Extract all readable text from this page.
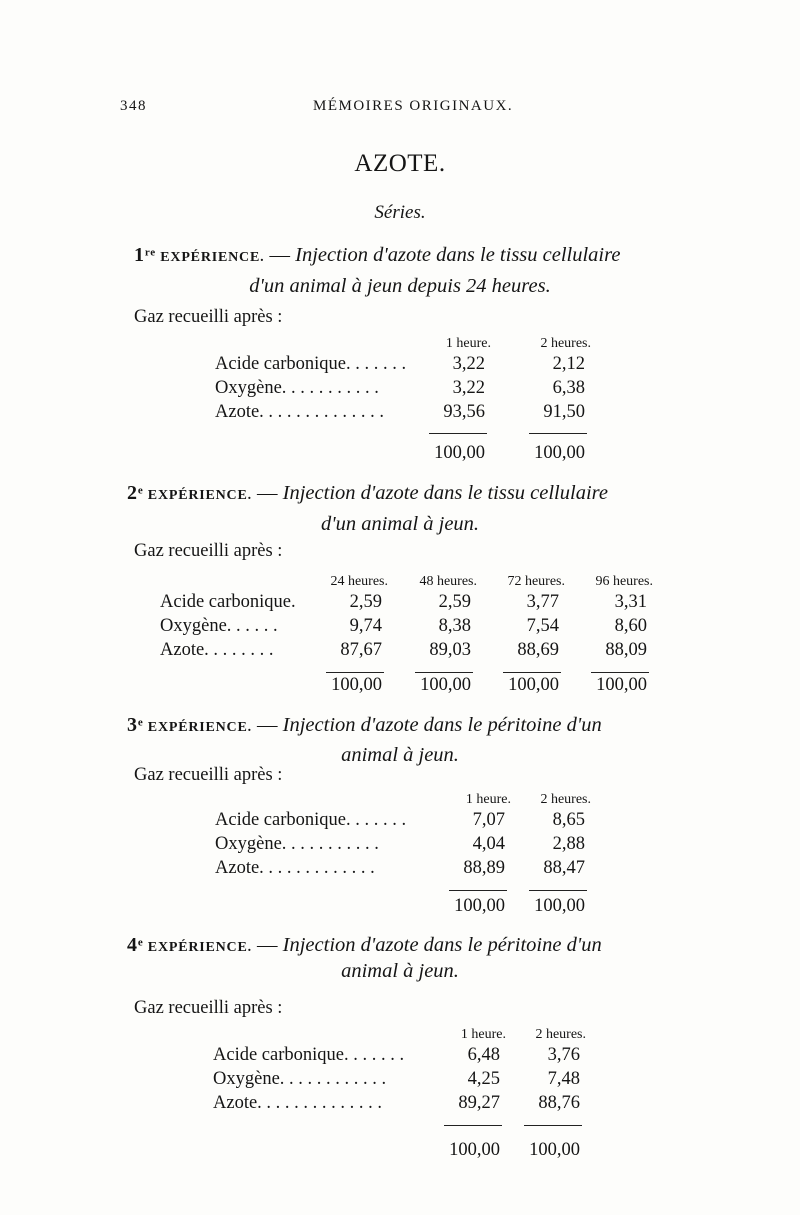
348	MÉMOIRES ORIGINAUX.
AZOTE.
Séries.
1re EXPÉRIENCE. — Injection d'azote dans le tissu cellulaire
d'un animal à jeun depuis 24 heures.
Gaz recueilli après :
1 heure.	2 heures.
Acide carbonique. . . . . . .	3,22	2,12
Oxygène. . . . . . . . . . .	3,22	6,38
Azote. . . . . . . . . . . . . .	93,56	91,50
100,00	100,00
2e EXPÉRIENCE. — Injection d'azote dans le tissu cellulaire
d'un animal à jeun.
Gaz recueilli après :
24 heures.	48 heures.	72 heures.	96 heures.
Acide carbonique.	2,59	2,59	3,77	3,31
Oxygène. . . . . .	9,74	8,38	7,54	8,60
Azote. . . . . . . .	87,67	89,03	88,69	88,09
100,00	100,00	100,00	100,00
3e EXPÉRIENCE. — Injection d'azote dans le péritoine d'un
animal à jeun.
Gaz recueilli après :
1 heure.	2 heures.
Acide carbonique. . . . . . .	7,07	8,65
Oxygène. . . . . . . . . . .	4,04	2,88
Azote. . . . . . . . . . . . .	88,89	88,47
100,00	100,00
4e EXPÉRIENCE. — Injection d'azote dans le péritoine d'un
animal à jeun.
Gaz recueilli après :
1 heure.	2 heures.
Acide carbonique. . . . . . .	6,48	3,76
Oxygène. . . . . . . . . . . .	4,25	7,48
Azote. . . . . . . . . . . . . .	89,27	88,76
100,00	100,00
